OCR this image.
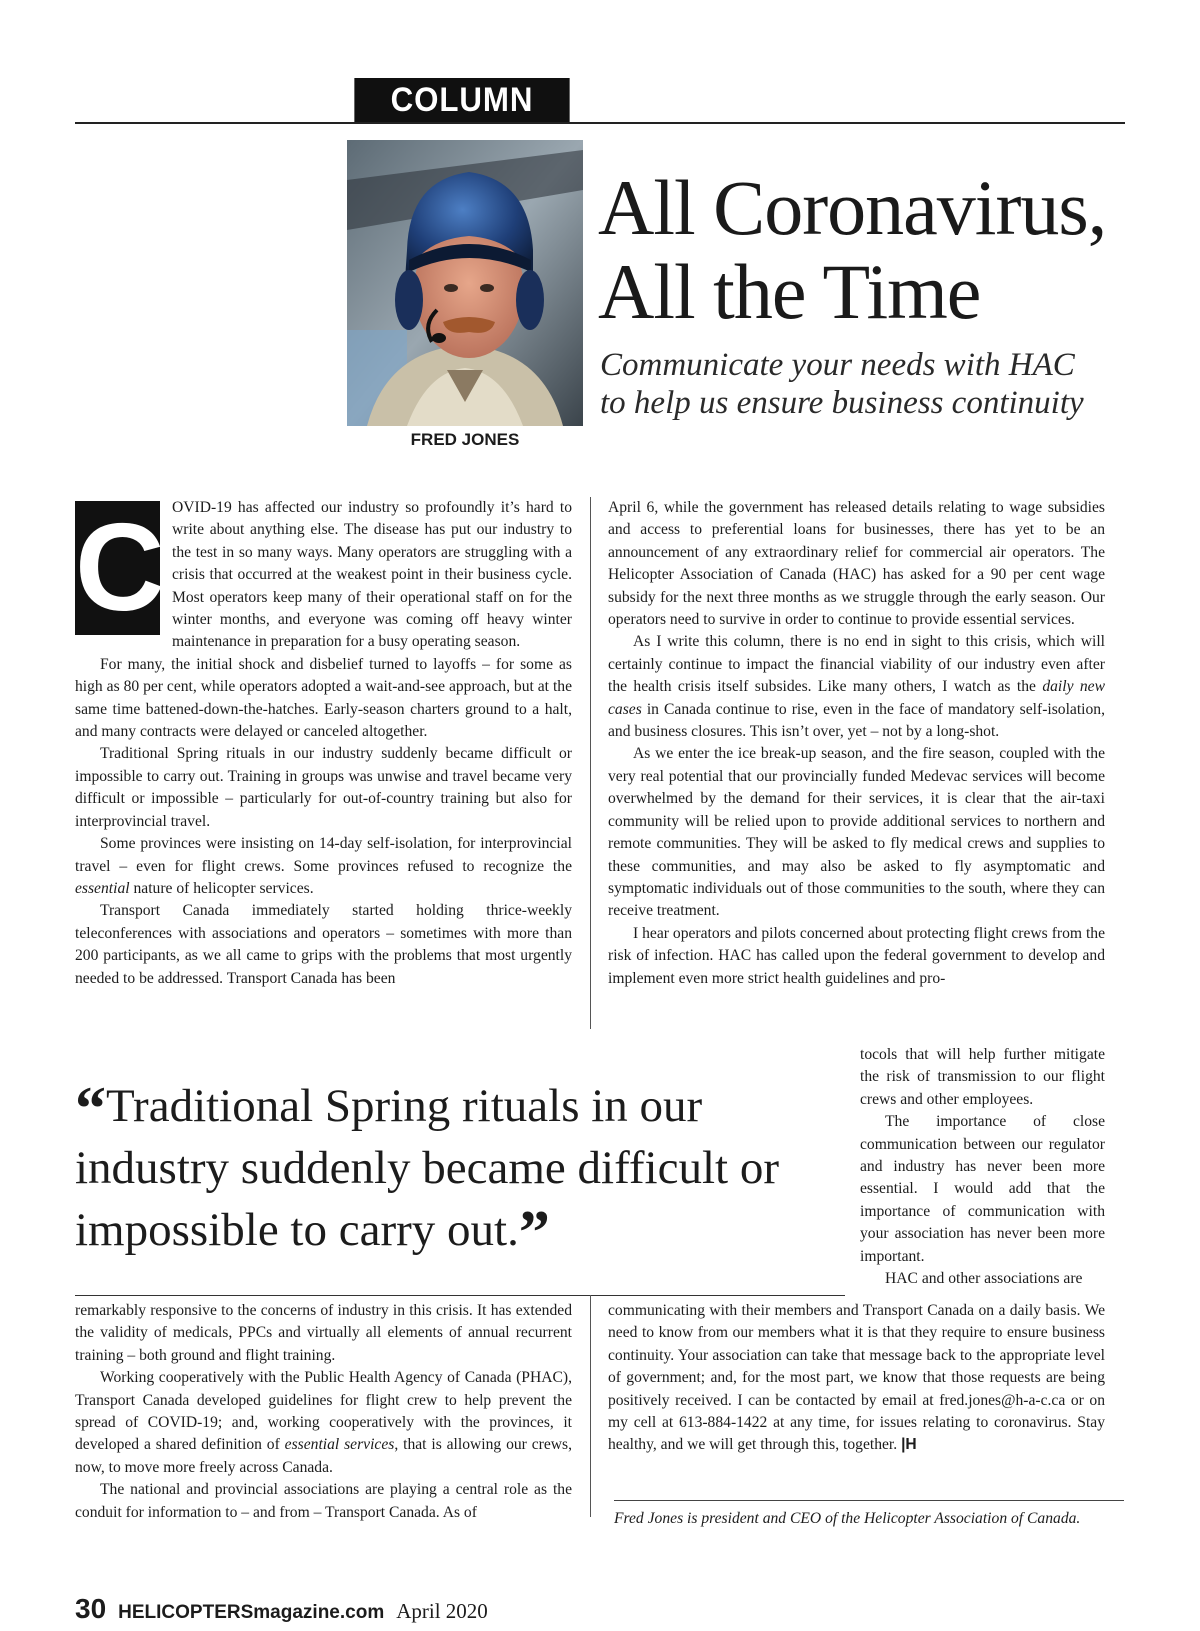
COLUMN
FRED JONES
All Coronavirus,
All the Time
Communicate your needs with HAC
to help us ensure business continuity
C OVID-19 has affected our industry so profoundly it’s hard to write about anything else. The disease has put our industry to the test in so many ways. Many operators are struggling with a crisis that occurred at the weakest point in their business cycle. Most operators keep many of their operational staff on for the winter months, and everyone was coming off heavy winter maintenance in preparation for a busy operating season.

For many, the initial shock and disbelief turned to layoffs – for some as high as 80 per cent, while operators adopted a wait-and-see approach, but at the same time battened-down-the-hatches. Early-season charters ground to a halt, and many contracts were delayed or canceled altogether.

Traditional Spring rituals in our industry suddenly became difficult or impossible to carry out. Training in groups was unwise and travel became very difficult or impossible – particularly for out-of-country training but also for interprovincial travel.

Some provinces were insisting on 14-day self-isolation, for interprovincial travel – even for flight crews. Some provinces refused to recognize the essential nature of helicopter services.

Transport Canada immediately started holding thrice-weekly teleconferences with associations and operators – sometimes with more than 200 participants, as we all came to grips with the problems that most urgently needed to be addressed. Transport Canada has been

April 6, while the government has released details relating to wage subsidies and access to preferential loans for businesses, there has yet to be an announcement of any extraordinary relief for commercial air operators. The Helicopter Association of Canada (HAC) has asked for a 90 per cent wage subsidy for the next three months as we struggle through the early season. Our operators need to survive in order to continue to provide essential services.

As I write this column, there is no end in sight to this crisis, which will certainly continue to impact the financial viability of our industry even after the health crisis itself subsides. Like many others, I watch as the daily new cases in Canada continue to rise, even in the face of mandatory self-isolation, and business closures. This isn’t over, yet – not by a long-shot.

As we enter the ice break-up season, and the fire season, coupled with the very real potential that our provincially funded Medevac services will become overwhelmed by the demand for their services, it is clear that the air-taxi community will be relied upon to provide additional services to northern and remote communities. They will be asked to fly medical crews and supplies to these communities, and may also be asked to fly asymptomatic and symptomatic individuals out of those communities to the south, where they can receive treatment.

I hear operators and pilots concerned about protecting flight crews from the risk of infection. HAC has called upon the federal government to develop and implement even more strict health guidelines and pro-

tocols that will help further mitigate the risk of transmission to our flight crews and other employees.

The importance of close communication between our regulator and industry has never been more essential. I would add that the importance of communication with your association has never been more important.

HAC and other associations are

“Traditional Spring rituals in our industry suddenly became difficult or impossible to carry out.”

remarkably responsive to the concerns of industry in this crisis. It has extended the validity of medicals, PPCs and virtually all elements of annual recurrent training – both ground and flight training.

Working cooperatively with the Public Health Agency of Canada (PHAC), Transport Canada developed guidelines for flight crew to help prevent the spread of COVID-19; and, working cooperatively with the provinces, it developed a shared definition of essential services, that is allowing our crews, now, to move more freely across Canada.

The national and provincial associations are playing a central role as the conduit for information to – and from – Transport Canada. As of

communicating with their members and Transport Canada on a daily basis. We need to know from our members what it is that they require to ensure business continuity. Your association can take that message back to the appropriate level of government; and, for the most part, we know that those requests are being positively received. I can be contacted by email at fred.jones@h-a-c.ca or on my cell at 613-884-1422 at any time, for issues relating to coronavirus. Stay healthy, and we will get through this, together. |H

Fred Jones is president and CEO of the Helicopter Association of Canada.
30 HELICOPTERSmagazine.com April 2020
